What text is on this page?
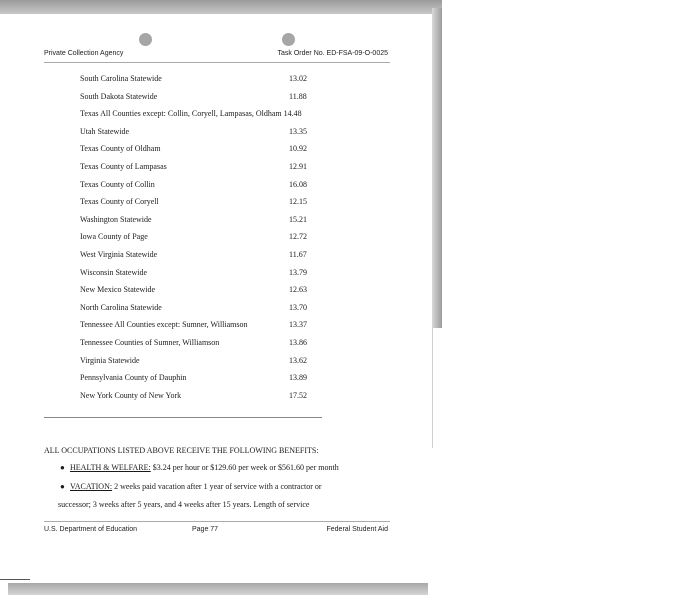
Private Collection Agency	Task Order No. ED-FSA-09-O-0025
South Carolina Statewide	13.02
South Dakota Statewide	11.88
Texas All Counties except: Collin, Coryell, Lampasas, Oldham 14.48
Utah Statewide	13.35
Texas County of Oldham	10.92
Texas County of Lampasas	12.91
Texas County of Collin	16.08
Texas County of Coryell	12.15
Washington Statewide	15.21
Iowa County of Page	12.72
West Virginia Statewide	11.67
Wisconsin Statewide	13.79
New Mexico Statewide	12.63
North Carolina Statewide	13.70
Tennessee All Counties except: Sumner, Williamson	13.37
Tennessee Counties of Sumner, Williamson	13.86
Virginia Statewide	13.62
Pennsylvania County of Dauphin	13.89
New York County of New York	17.52
ALL OCCUPATIONS LISTED ABOVE RECEIVE THE FOLLOWING BENEFITS:
● HEALTH & WELFARE: $3.24 per hour or $129.60 per week or $561.60 per month
● VACATION: 2 weeks paid vacation after 1 year of service with a contractor or
successor; 3 weeks after 5 years, and 4 weeks after 15 years. Length of service
U.S. Department of Education	Page 77	Federal Student Aid
